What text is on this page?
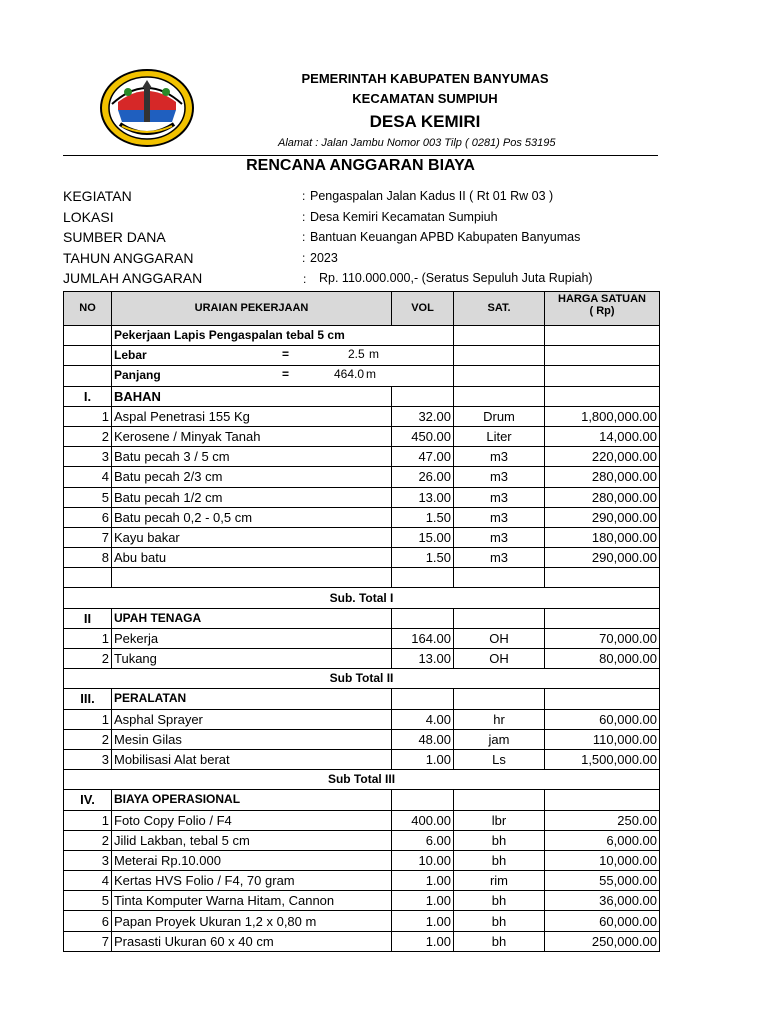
PEMERINTAH KABUPATEN BANYUMAS
KECAMATAN SUMPIUH
DESA KEMIRI
Alamat : Jalan Jambu Nomor 003 Tilp ( 0281) Pos 53195
RENCANA ANGGARAN BIAYA
KEGIATAN	: Pengaspalan Jalan Kadus II ( Rt 01 Rw 03 )
LOKASI	: Desa Kemiri Kecamatan Sumpiuh
SUMBER DANA	: Bantuan Keuangan APBD Kabupaten Banyumas
TAHUN ANGGARAN	: 2023
JUMLAH ANGGARAN	: Rp. 110.000.000,- (Seratus Sepuluh Juta Rupiah)
NO	URAIAN PEKERJAAN	VOL	SAT.	HARGA SATUAN
( Rp)

	Pekerjaan Lapis Pengaspalan tebal 5 cm			
	Lebar = 2.5 m			

	Panjang = 464.0 m			

I.	BAHAN			
1	Aspal Penetrasi 155 Kg	32.00	Drum	1,800,000.00
2	Kerosene / Minyak Tanah	450.00	Liter	14,000.00
3	Batu pecah 3 / 5 cm	47.00	m3	220,000.00
4	Batu pecah 2/3 cm	26.00	m3	280,000.00
5	Batu pecah 1/2 cm	13.00	m3	280,000.00
6	Batu pecah 0,2 - 0,5 cm	1.50	m3	290,000.00
7	Kayu bakar	15.00	m3	180,000.00
8	Abu batu	1.50	m3	290,000.00

Sub. Total I				
II	UPAH TENAGA			
1	Pekerja	164.00	OH	70,000.00
2	Tukang	13.00	OH	80,000.00
Sub Total II				
III.	PERALATAN			
1	Asphal Sprayer	4.00	hr	60,000.00
2	Mesin Gilas	48.00	jam	110,000.00
3	Mobilisasi Alat berat	1.00	Ls	1,500,000.00
Sub Total III				
IV.	BIAYA OPERASIONAL			
1	Foto Copy Folio / F4	400.00	lbr	250.00
2	Jilid Lakban, tebal 5 cm	6.00	bh	6,000.00
3	Meterai Rp.10.000	10.00	bh	10,000.00
4	Kertas HVS Folio / F4, 70 gram	1.00	rim	55,000.00
5	Tinta Komputer Warna Hitam, Cannon	1.00	bh	36,000.00
6	Papan Proyek Ukuran 1,2 x 0,80 m	1.00	bh	60,000.00
7	Prasasti Ukuran 60 x 40 cm	1.00	bh	250,000.00
